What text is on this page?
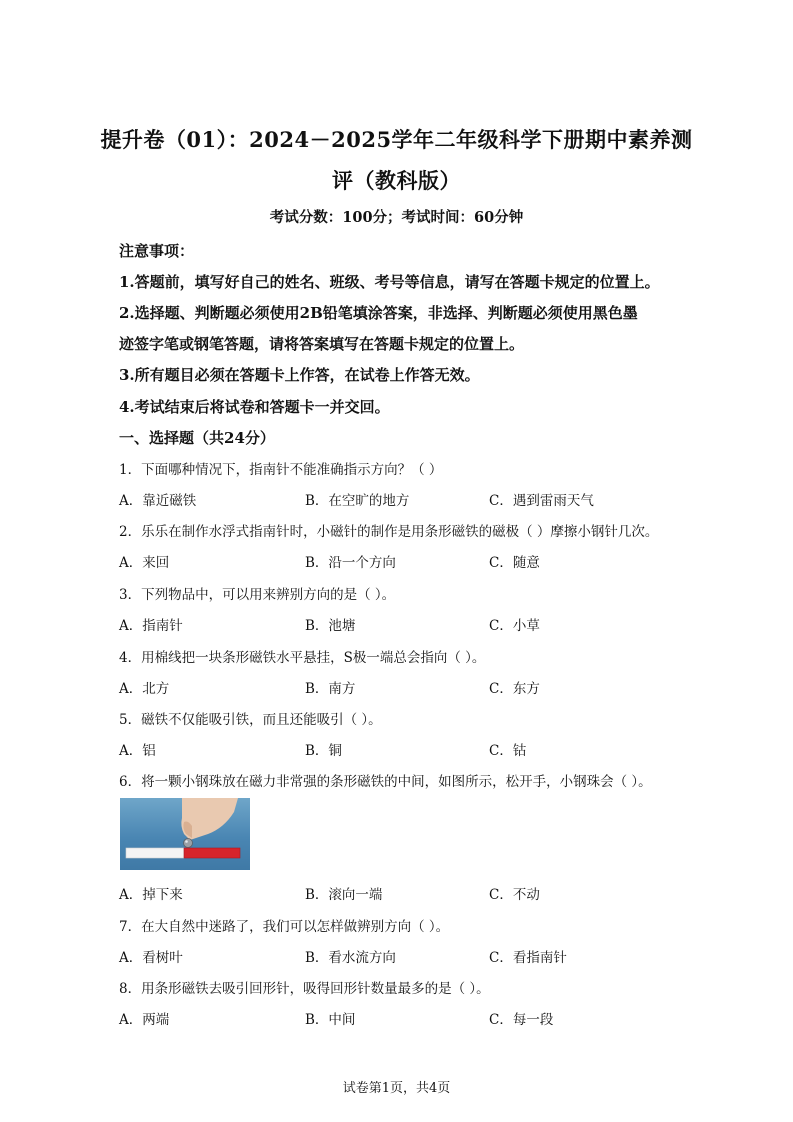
提升卷（01）：2024－2025学年二年级科学下册期中素养测
评（教科版）
考试分数：100分；考试时间：60分钟
注意事项：
1.答题前，填写好自己的姓名、班级、考号等信息，请写在答题卡规定的位置上。
2.选择题、判断题必须使用2B铅笔填涂答案，非选择、判断题必须使用黑色墨
迹签字笔或钢笔答题，请将答案填写在答题卡规定的位置上。
3.所有题目必须在答题卡上作答，在试卷上作答无效。
4.考试结束后将试卷和答题卡一并交回。
一、选择题（共24分）
1．下面哪种情况下，指南针不能准确指示方向？（ ）
A．靠近磁铁	B．在空旷的地方	C．遇到雷雨天气
2．乐乐在制作水浮式指南针时，小磁针的制作是用条形磁铁的磁极（ ）摩擦小钢针几次。
A．来回	B．沿一个方向	C．随意
3．下列物品中，可以用来辨别方向的是（ ）。
A．指南针	B．池塘	C．小草
4．用棉线把一块条形磁铁水平悬挂，S极一端总会指向（ ）。
A．北方	B．南方	C．东方
5．磁铁不仅能吸引铁，而且还能吸引（ ）。
A．铝	B．铜	C．钴
6．将一颗小钢珠放在磁力非常强的条形磁铁的中间，如图所示，松开手，小钢珠会（ ）。
A．掉下来	B．滚向一端	C．不动
7．在大自然中迷路了，我们可以怎样做辨别方向（ ）。
A．看树叶	B．看水流方向	C．看指南针
8．用条形磁铁去吸引回形针，吸得回形针数量最多的是（ ）。
A．两端	B．中间	C．每一段
试卷第1页，共4页
